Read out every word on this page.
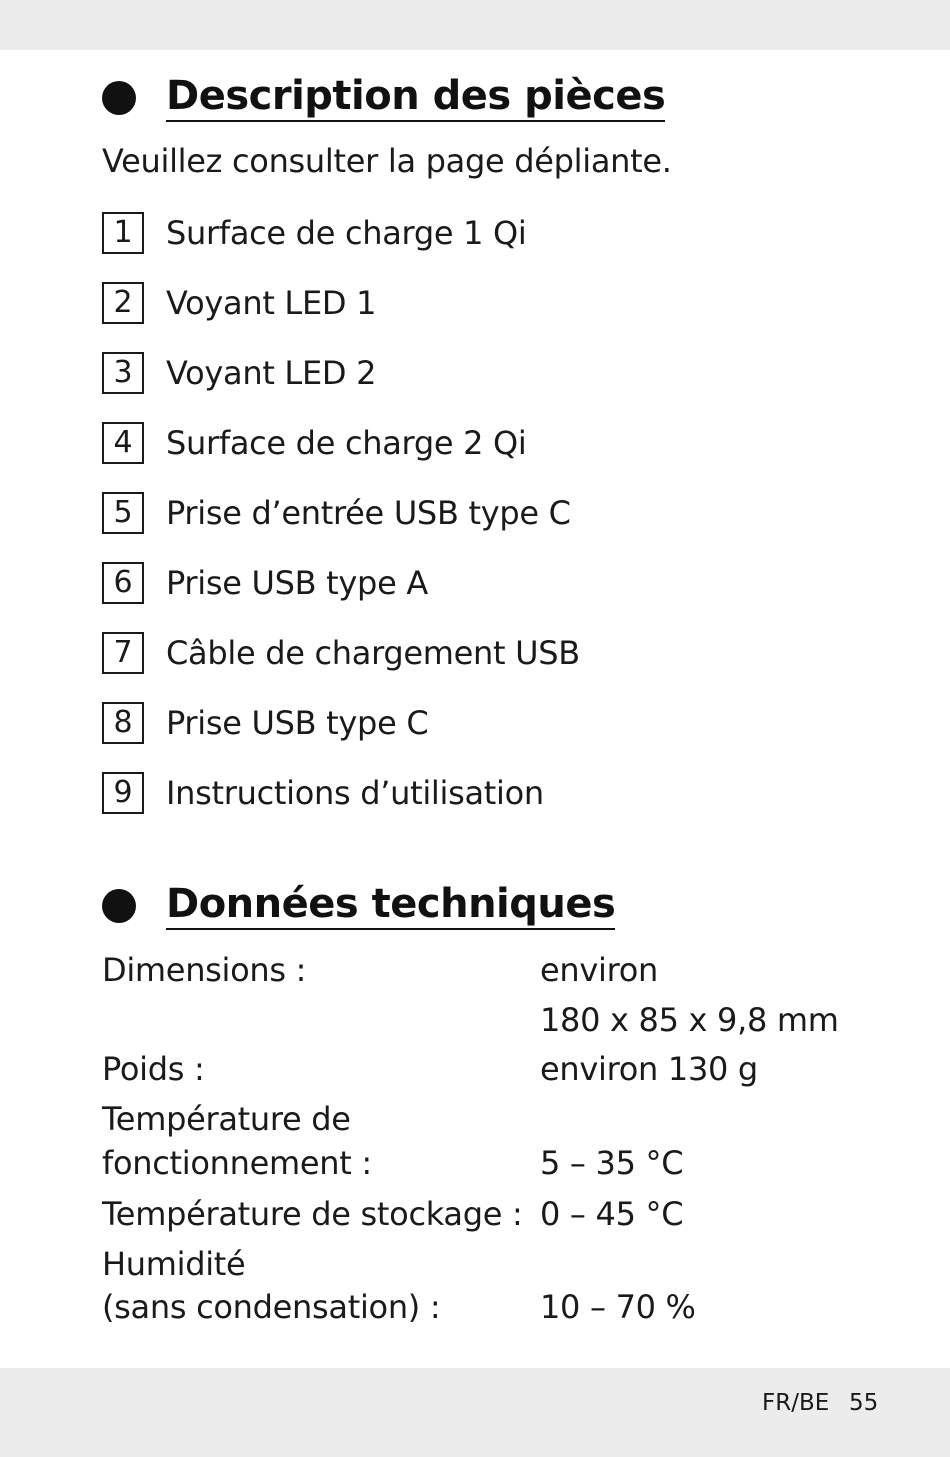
Description des pièces
Veuillez consulter la page dépliante.
1	Surface de charge 1 Qi
2	Voyant LED 1
3	Voyant LED 2
4	Surface de charge 2 Qi
5	Prise d’entrée USB type C
6	Prise USB type A
7	Câble de chargement USB
8	Prise USB type C
9	Instructions d’utilisation
Données techniques
Dimensions :	environ
180 x 85 x 9,8 mm
Poids :	environ 130 g
Température de
fonctionnement :	5 – 35 °C
Température de stockage : 0 – 45 °C
Humidité
(sans condensation) :	10 – 70 %
FR/BE 55
